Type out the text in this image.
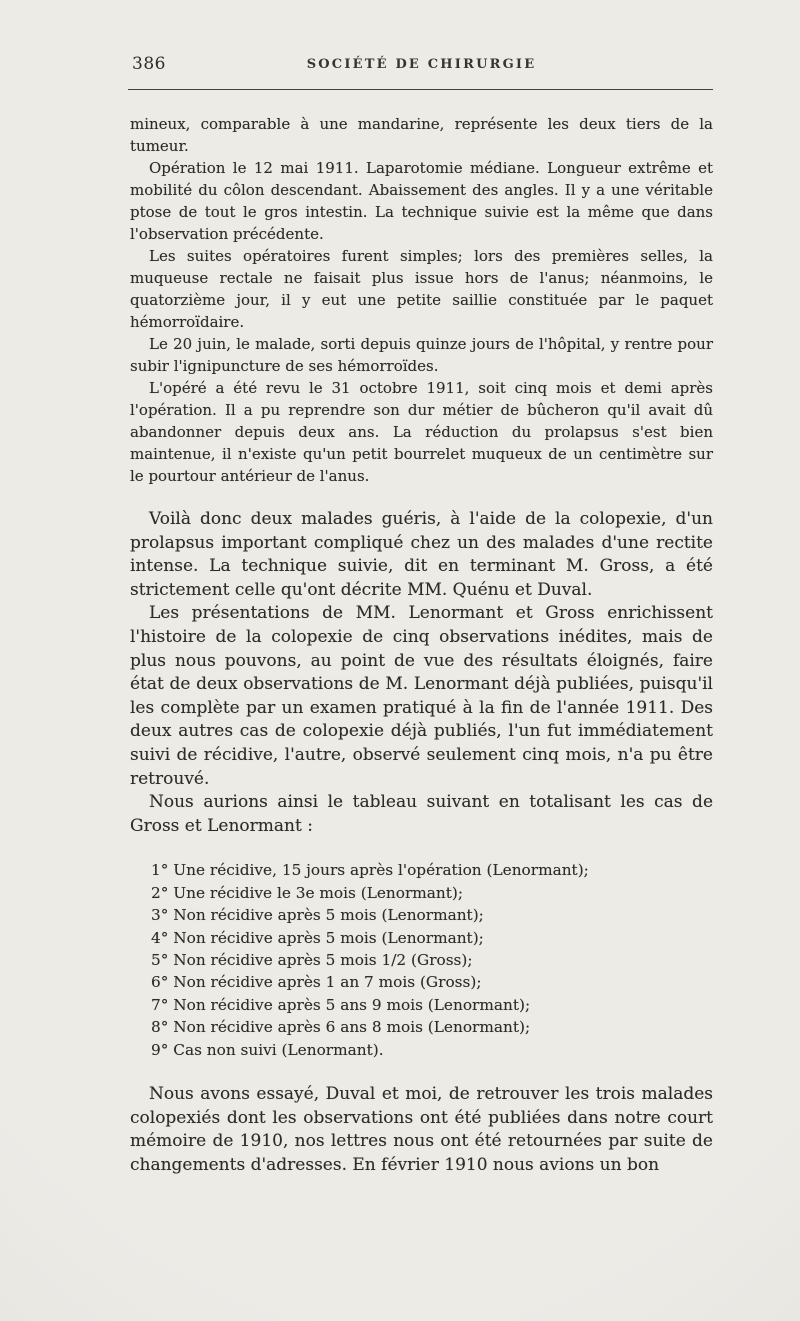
386	SOCIÉTÉ DE CHIRURGIE

mineux, comparable à une mandarine, représente les deux tiers de la tumeur.

Opération le 12 mai 1911. Laparotomie médiane. Longueur extrême et mobilité du côlon descendant. Abaissement des angles. Il y a une véritable ptose de tout le gros intestin. La technique suivie est la même que dans l'observation précédente.

Les suites opératoires furent simples; lors des premières selles, la muqueuse rectale ne faisait plus issue hors de l'anus; néanmoins, le quatorzième jour, il y eut une petite saillie constituée par le paquet hémorroïdaire.

Le 20 juin, le malade, sorti depuis quinze jours de l'hôpital, y rentre pour subir l'ignipuncture de ses hémorroïdes.

L'opéré a été revu le 31 octobre 1911, soit cinq mois et demi après l'opération. Il a pu reprendre son dur métier de bûcheron qu'il avait dû abandonner depuis deux ans. La réduction du prolapsus s'est bien maintenue, il n'existe qu'un petit bourrelet muqueux de un centimètre sur le pourtour antérieur de l'anus.

Voilà donc deux malades guéris, à l'aide de la colopexie, d'un prolapsus important compliqué chez un des malades d'une rectite intense. La technique suivie, dit en terminant M. Gross, a été strictement celle qu'ont décrite MM. Quénu et Duval.

Les présentations de MM. Lenormant et Gross enrichissent l'histoire de la colopexie de cinq observations inédites, mais de plus nous pouvons, au point de vue des résultats éloignés, faire état de deux observations de M. Lenormant déjà publiées, puisqu'il les complète par un examen pratiqué à la fin de l'année 1911. Des deux autres cas de colopexie déjà publiés, l'un fut immédiatement suivi de récidive, l'autre, observé seulement cinq mois, n'a pu être retrouvé.

Nous aurions ainsi le tableau suivant en totalisant les cas de Gross et Lenormant :

1° Une récidive, 15 jours après l'opération (Lenormant);
2° Une récidive le 3e mois (Lenormant);
3° Non récidive après 5 mois (Lenormant);
4° Non récidive après 5 mois (Lenormant);
5° Non récidive après 5 mois 1/2 (Gross);
6° Non récidive après 1 an 7 mois (Gross);
7° Non récidive après 5 ans 9 mois (Lenormant);
8° Non récidive après 6 ans 8 mois (Lenormant);
9° Cas non suivi (Lenormant).

Nous avons essayé, Duval et moi, de retrouver les trois malades colopexiés dont les observations ont été publiées dans notre court mémoire de 1910, nos lettres nous ont été retournées par suite de changements d'adresses. En février 1910 nous avions un bon
